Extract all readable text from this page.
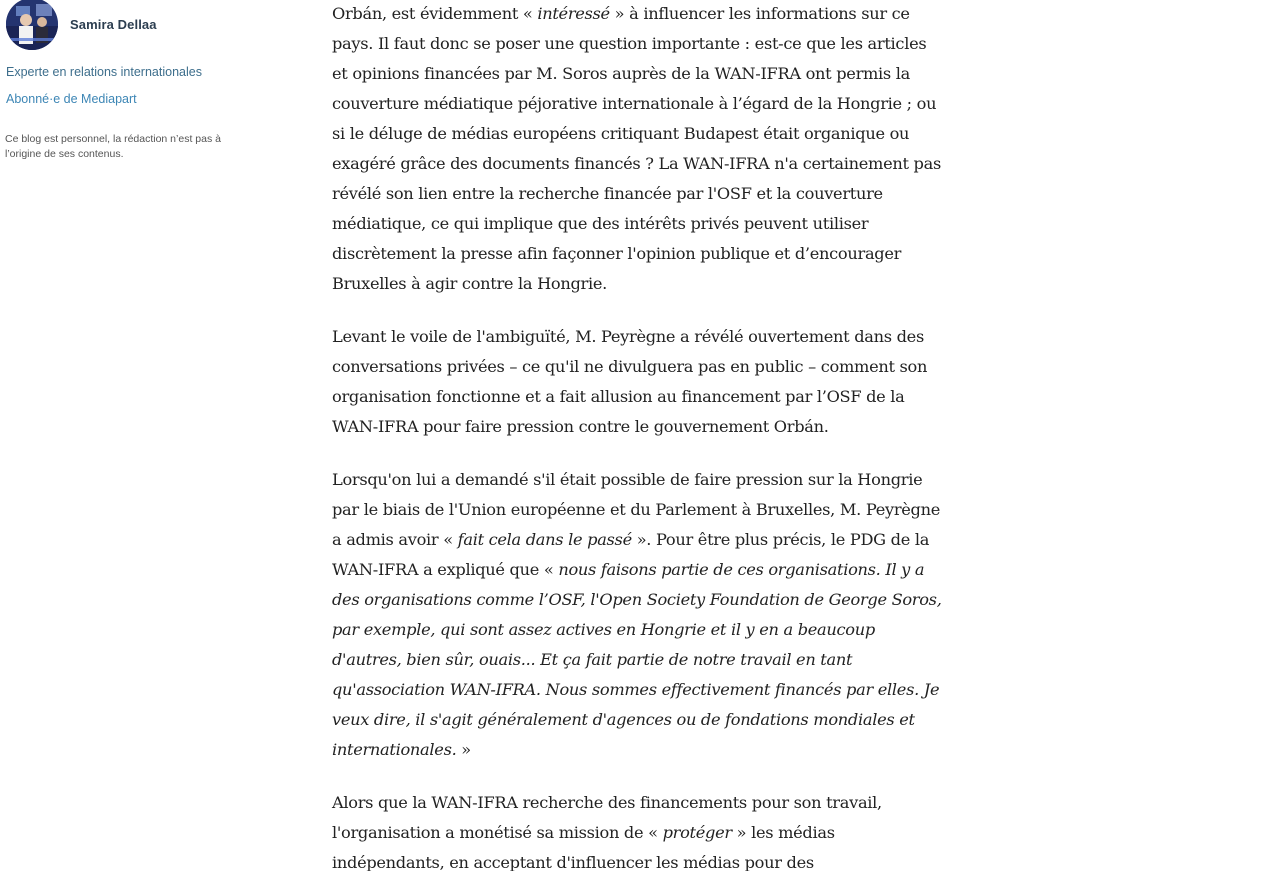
Samira Dellaa
Experte en relations internationales
Abonné·e de Mediapart
Ce blog est personnel, la rédaction n’est pas à l’origine de ses contenus.

Orbán, est évidemment « intéressé » à influencer les informations sur ce pays. Il faut donc se poser une question importante : est-ce que les articles et opinions financées par M. Soros auprès de la WAN-IFRA ont permis la couverture médiatique péjorative internationale à l’égard de la Hongrie ; ou si le déluge de médias européens critiquant Budapest était organique ou exagéré grâce des documents financés ? La WAN-IFRA n'a certainement pas révélé son lien entre la recherche financée par l'OSF et la couverture médiatique, ce qui implique que des intérêts privés peuvent utiliser discrètement la presse afin façonner l'opinion publique et d’encourager Bruxelles à agir contre la Hongrie.

Levant le voile de l'ambiguïté, M. Peyrègne a révélé ouvertement dans des conversations privées – ce qu'il ne divulguera pas en public – comment son organisation fonctionne et a fait allusion au financement par l’OSF de la WAN-IFRA pour faire pression contre le gouvernement Orbán.

Lorsqu'on lui a demandé s'il était possible de faire pression sur la Hongrie par le biais de l'Union européenne et du Parlement à Bruxelles, M. Peyrègne a admis avoir « fait cela dans le passé ». Pour être plus précis, le PDG de la WAN-IFRA a expliqué que « nous faisons partie de ces organisations. Il y a des organisations comme l’OSF, l'Open Society Foundation de George Soros, par exemple, qui sont assez actives en Hongrie et il y en a beaucoup d'autres, bien sûr, ouais... Et ça fait partie de notre travail en tant qu'association WAN-IFRA. Nous sommes effectivement financés par elles. Je veux dire, il s'agit généralement d'agences ou de fondations mondiales et internationales. »

Alors que la WAN-IFRA recherche des financements pour son travail, l'organisation a monétisé sa mission de « protéger » les médias indépendants, en acceptant d'influencer les médias pour des
